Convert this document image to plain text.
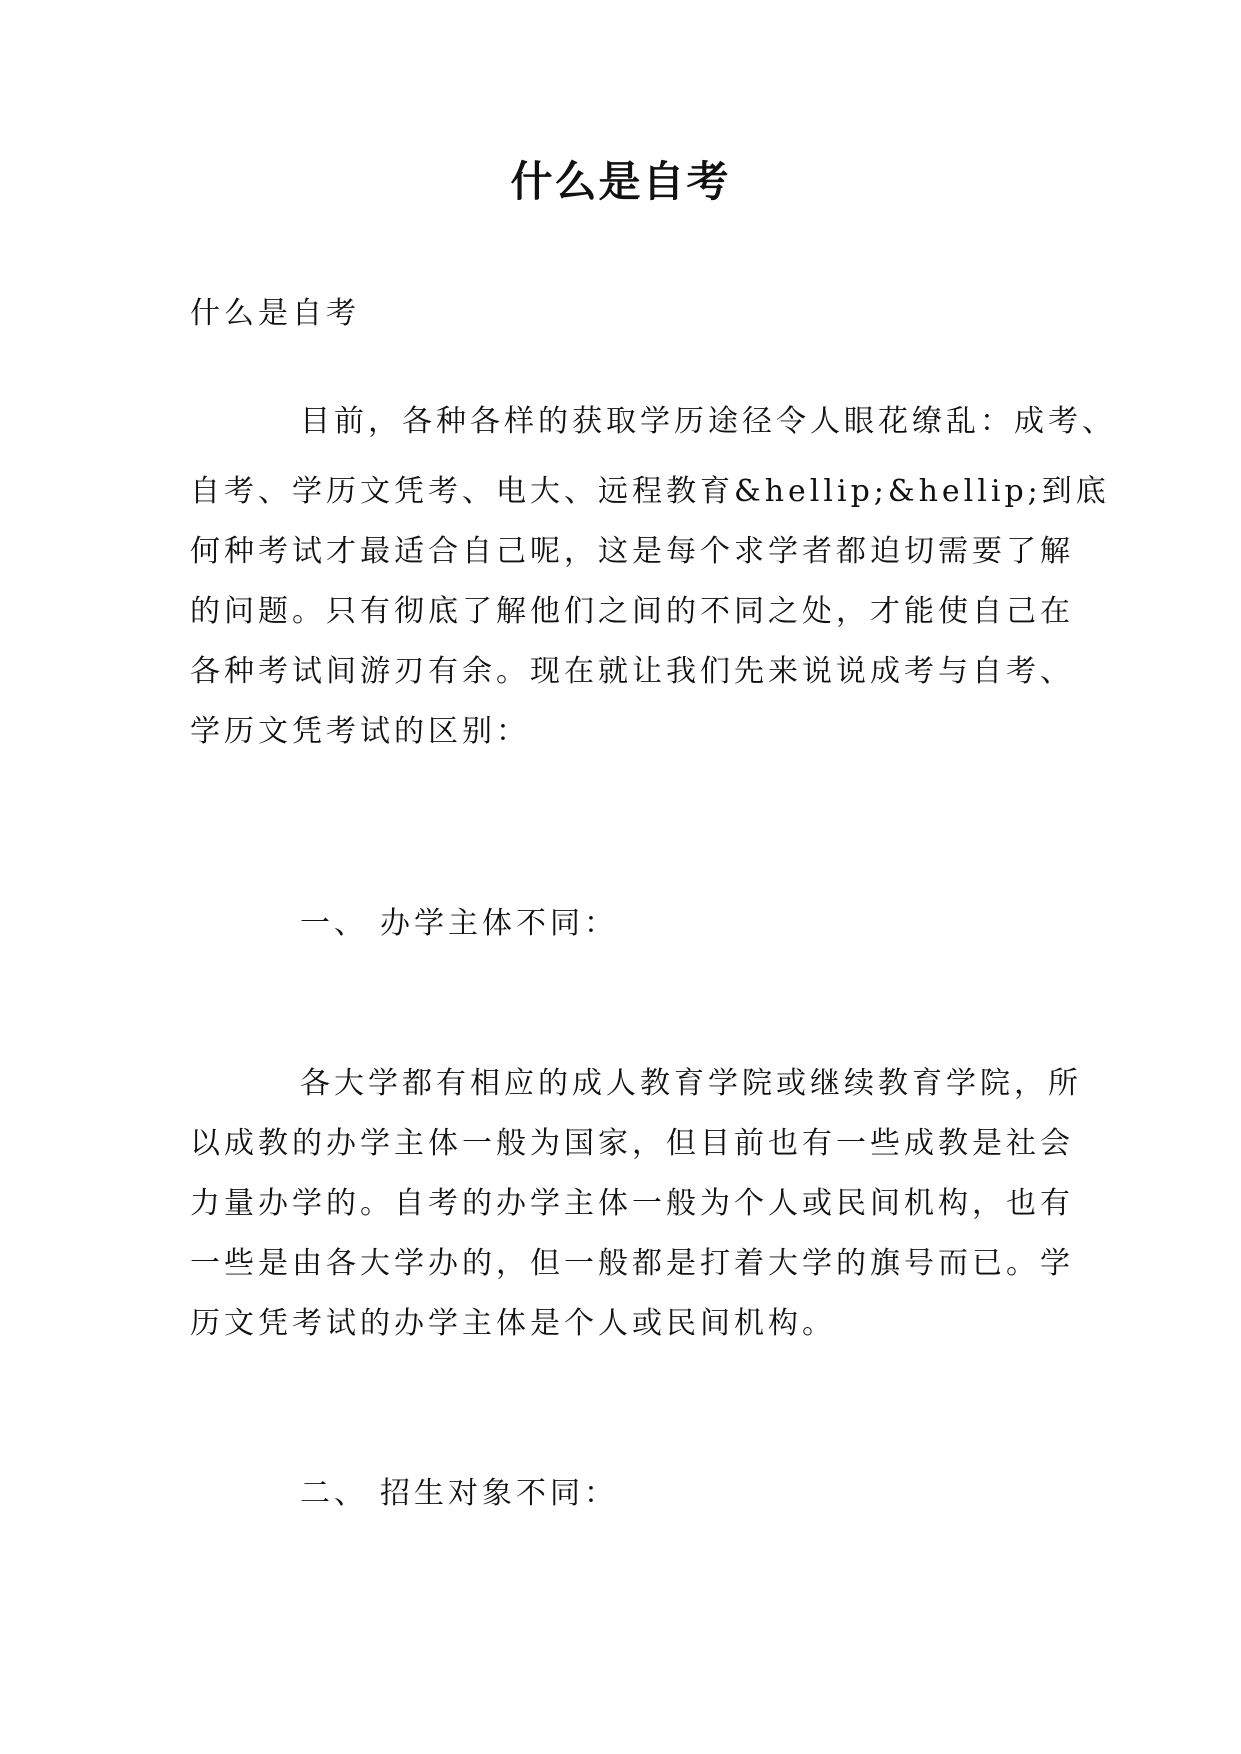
什么是自考
什么是自考
目前，各种各样的获取学历途径令人眼花缭乱：成考、
自考、学历文凭考、电大、远程教育&hellip;&hellip;到底
何种考试才最适合自己呢，这是每个求学者都迫切需要了解
的问题。只有彻底了解他们之间的不同之处，才能使自己在
各种考试间游刃有余。现在就让我们先来说说成考与自考、
学历文凭考试的区别：
一、 办学主体不同：
各大学都有相应的成人教育学院或继续教育学院，所
以成教的办学主体一般为国家，但目前也有一些成教是社会
力量办学的。自考的办学主体一般为个人或民间机构，也有
一些是由各大学办的，但一般都是打着大学的旗号而已。学
历文凭考试的办学主体是个人或民间机构。
二、 招生对象不同：
